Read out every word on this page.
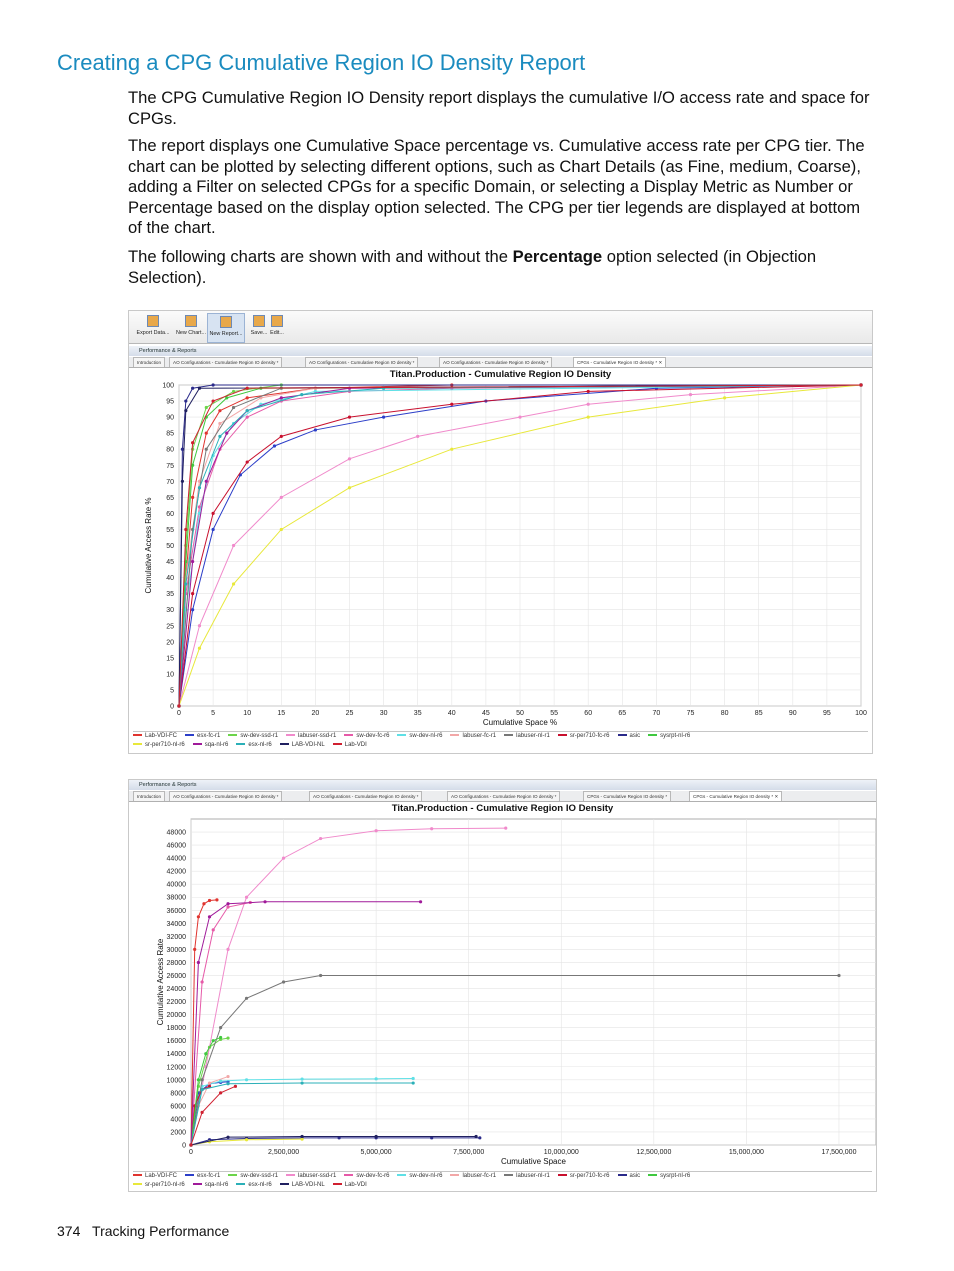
Creating a CPG Cumulative Region IO Density Report

The CPG Cumulative Region IO Density report displays the cumulative I/O access rate and space for CPGs.

The report displays one Cumulative Space percentage vs. Cumulative access rate per CPG tier. The chart can be plotted by selecting different options, such as Chart Details (as Fine, medium, Coarse), adding a Filter on selected CPGs for a specific Domain, or selecting a Display Metric as Number or Percentage based on the display option selected. The CPG per tier legends are displayed at bottom of the chart.

The following charts are shown with and without the Percentage option selected (in Objection Selection).

Export Data...	New Chart... New Report...	Save... Edit...
Performance & Reports
Introduction	AO Configurations - Cumulative Region IO density *	AO Configurations - Cumulative Region IO density *	AO Configurations - Cumulative Region IO density *	CPGs - Cumulative Region IO density * ✕
Titan.Production - Cumulative Region IO Density
0	5	10	15	20	25	30	35	40	45	50	55	60	65	70	75	80	85	90	95	100
0
5
10
15
20
25
30
35
40
45
50
55
60
65
70
75
80
85
90
95
100
Cumulative Space %
Cumulative Access Rate %
Lab-VDI-FC	esx-fc-r1	sw-dev-ssd-r1	labuser-ssd-r1	sw-dev-fc-r6	sw-dev-nl-r6	labuser-fc-r1	labuser-nl-r1	sr-per710-fc-r6	asic	sysrpt-nl-r6
sr-per710-nl-r6	sqa-nl-r6	esx-nl-r6	LAB-VDI-NL	Lab-VDI
Performance & Reports
Introduction	AO Configurations - Cumulative Region IO density *	AO Configurations - Cumulative Region IO density *	AO Configurations - Cumulative Region IO density *	CPGs - Cumulative Region IO density *	CPGs - Cumulative Region IO density * ✕
Titan.Production - Cumulative Region IO Density
0	2,500,000	5,000,000	7,500,000	10,000,000	12,500,000	15,000,000	17,500,000
0
2000
4000
6000
8000
10000
12000
14000
16000
18000
20000
22000
24000
26000
28000
30000
32000
34000
36000
38000
40000
42000
44000
46000
48000
Cumulative Space
Cumulative Access Rate
Lab-VDI-FC	esx-fc-r1	sw-dev-ssd-r1	labuser-ssd-r1	sw-dev-fc-r6	sw-dev-nl-r6	labuser-fc-r1	labuser-nl-r1	sr-per710-fc-r6	asic	sysrpt-nl-r6
sr-per710-nl-r6	sqa-nl-r6	esx-nl-r6	LAB-VDI-NL	Lab-VDI
374 Tracking Performance
